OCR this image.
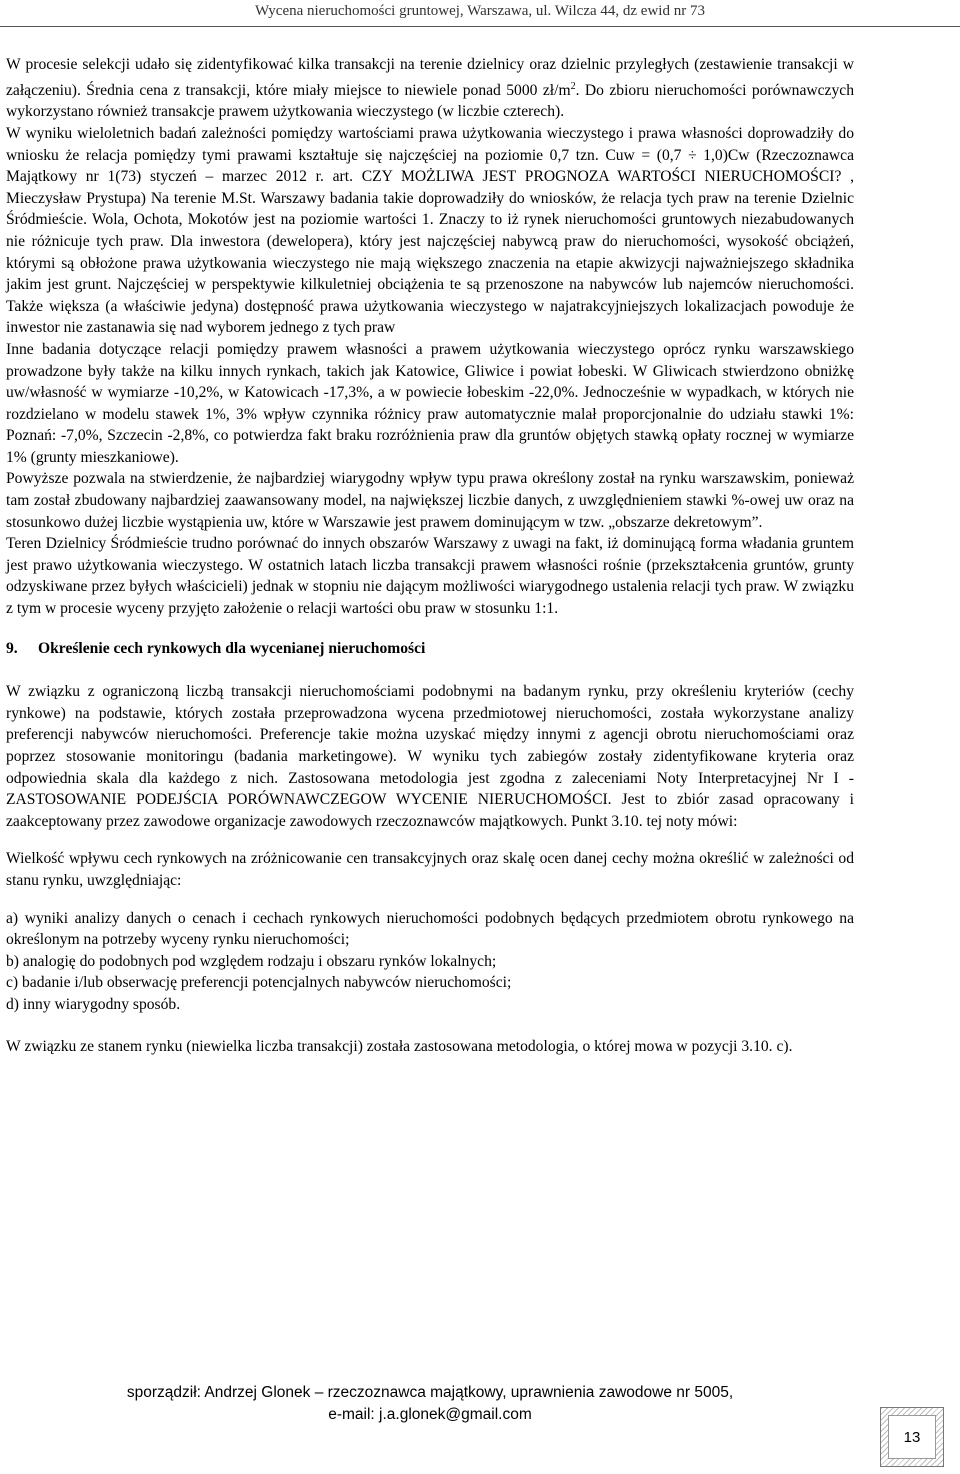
Wycena nieruchomości gruntowej, Warszawa, ul. Wilcza 44, dz ewid nr 73

W procesie selekcji udało się zidentyfikować kilka transakcji na terenie dzielnicy oraz dzielnic przyległych (zestawienie transakcji w załączeniu). Średnia cena z transakcji, które miały miejsce to niewiele ponad 5000 $zł/m^2$. Do zbioru nieruchomości porównawczych wykorzystano również transakcje prawem użytkowania wieczystego (w liczbie czterech).

W wyniku wieloletnich badań zależności pomiędzy wartościami prawa użytkowania wieczystego i prawa własności doprowadziły do wniosku że relacja pomiędzy tymi prawami kształtuje się najczęściej na poziomie 0,7 tzn. Cuw = (0,7 ÷ 1,0)Cw (Rzeczoznawca Majątkowy nr 1(73) styczeń – marzec 2012 r. art. CZY MOŻLIWA JEST PROGNOZA WARTOŚCI NIERUCHOMOŚCI? , Mieczysław Prystupa) Na terenie M.St. Warszawy badania takie doprowadziły do wniosków, że relacja tych praw na terenie Dzielnic Śródmieście. Wola, Ochota, Mokotów jest na poziomie wartości 1. Znaczy to iż rynek nieruchomości gruntowych niezabudowanych nie różnicuje tych praw. Dla inwestora (dewelopera), który jest najczęściej nabywcą praw do nieruchomości, wysokość obciążeń, którymi są obłożone prawa użytkowania wieczystego nie mają większego znaczenia na etapie akwizycji najważniejszego składnika jakim jest grunt. Najczęściej w perspektywie kilkuletniej obciążenia te są przenoszone na nabywców lub najemców nieruchomości. Także większa (a właściwie jedyna) dostępność prawa użytkowania wieczystego w najatrakcyjniejszych lokalizacjach powoduje że inwestor nie zastanawia się nad wyborem jednego z tych praw

Inne badania dotyczące relacji pomiędzy prawem własności a prawem użytkowania wieczystego oprócz rynku warszawskiego prowadzone były także na kilku innych rynkach, takich jak Katowice, Gliwice i powiat łobeski. W Gliwicach stwierdzono obniżkę uw/własność w wymiarze -10,2%, w Katowicach -17,3%, a w powiecie łobeskim -22,0%. Jednocześnie w wypadkach, w których nie rozdzielano w modelu stawek 1%, 3% wpływ czynnika różnicy praw automatycznie malał proporcjonalnie do udziału stawki 1%: Poznań: -7,0%, Szczecin -2,8%, co potwierdza fakt braku rozróżnienia praw dla gruntów objętych stawką opłaty rocznej w wymiarze 1% (grunty mieszkaniowe).

Powyższe pozwala na stwierdzenie, że najbardziej wiarygodny wpływ typu prawa określony został na rynku warszawskim, ponieważ tam został zbudowany najbardziej zaawansowany model, na największej liczbie danych, z uwzględnieniem stawki %-owej uw oraz na stosunkowo dużej liczbie wystąpienia uw, które w Warszawie jest prawem dominującym w tzw. „obszarze dekretowym”.

Teren Dzielnicy Śródmieście trudno porównać do innych obszarów Warszawy z uwagi na fakt, iż dominującą forma władania gruntem jest prawo użytkowania wieczystego. W ostatnich latach liczba transakcji prawem własności rośnie (przekształcenia gruntów, grunty odzyskiwane przez byłych właścicieli) jednak w stopniu nie dającym możliwości wiarygodnego ustalenia relacji tych praw. W związku z tym w procesie wyceny przyjęto założenie o relacji wartości obu praw w stosunku 1:1.

9. Określenie cech rynkowych dla wycenianej nieruchomości

W związku z ograniczoną liczbą transakcji nieruchomościami podobnymi na badanym rynku, przy określeniu kryteriów (cechy rynkowe) na podstawie, których została przeprowadzona wycena przedmiotowej nieruchomości, została wykorzystane analizy preferencji nabywców nieruchomości. Preferencje takie można uzyskać między innymi z agencji obrotu nieruchomościami oraz poprzez stosowanie monitoringu (badania marketingowe). W wyniku tych zabiegów zostały zidentyfikowane kryteria oraz odpowiednia skala dla każdego z nich. Zastosowana metodologia jest zgodna z zaleceniami Noty Interpretacyjnej Nr I - ZASTOSOWANIE PODEJŚCIA PORÓWNAWCZEGOW WYCENIE NIERUCHOMOŚCI. Jest to zbiór zasad opracowany i zaakceptowany przez zawodowe organizacje zawodowych rzeczoznawców majątkowych. Punkt 3.10. tej noty mówi:

Wielkość wpływu cech rynkowych na zróżnicowanie cen transakcyjnych oraz skalę ocen danej cechy można określić w zależności od stanu rynku, uwzględniając:

a) wyniki analizy danych o cenach i cechach rynkowych nieruchomości podobnych będących przedmiotem obrotu rynkowego na określonym na potrzeby wyceny rynku nieruchomości;

b) analogię do podobnych pod względem rodzaju i obszaru rynków lokalnych;

c) badanie i/lub obserwację preferencji potencjalnych nabywców nieruchomości;

d) inny wiarygodny sposób.

W związku ze stanem rynku (niewielka liczba transakcji) została zastosowana metodologia, o której mowa w pozycji 3.10. c).

sporządził: Andrzej Glonek – rzeczoznawca majątkowy, uprawnienia zawodowe nr 5005,
e-mail: j.a.glonek@gmail.com
13
